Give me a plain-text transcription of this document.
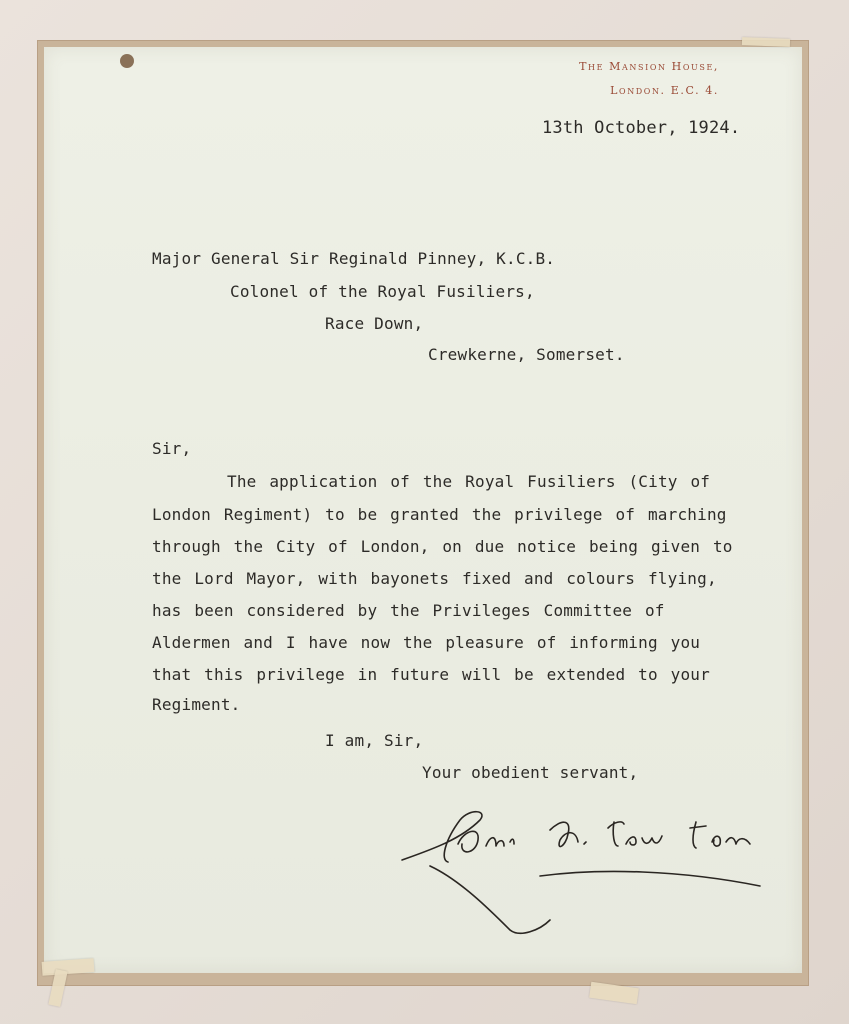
The Mansion House,
London. E.C. 4.
13th October, 1924.
Major General Sir Reginald Pinney, K.C.B.
Colonel of the Royal Fusiliers,
Race Down,
Crewkerne, Somerset.
Sir,
The application of the Royal Fusiliers (City of
London Regiment) to be granted the privilege of marching
through the City of London, on due notice being given to
the Lord Mayor, with bayonets fixed and colours flying,
has been considered by the Privileges Committee of
Aldermen and I have now the pleasure of informing you
that this privilege in future will be extended to your
Regiment.
I am, Sir,
Your obedient servant,
